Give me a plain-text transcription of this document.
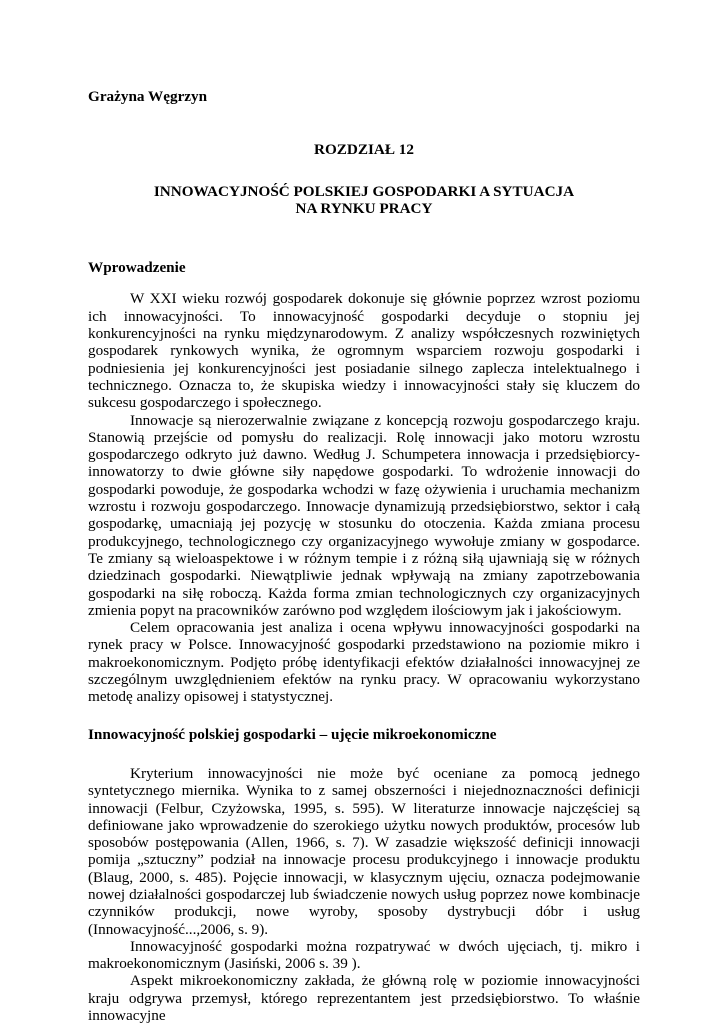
Grażyna Węgrzyn

ROZDZIAŁ 12

INNOWACYJNOŚĆ POLSKIEJ GOSPODARKI A SYTUACJA
NA RYNKU PRACY
Wprowadzenie

W XXI wieku rozwój gospodarek dokonuje się głównie poprzez wzrost poziomu ich innowacyjności. To innowacyjność gospodarki decyduje o stopniu jej konkurencyjności na rynku międzynarodowym. Z analizy współczesnych rozwiniętych gospodarek rynkowych wynika, że ogromnym wsparciem rozwoju gospodarki i podniesienia jej konkurencyjności jest posiadanie silnego zaplecza intelektualnego i technicznego. Oznacza to, że skupiska wiedzy i innowacyjności stały się kluczem do sukcesu gospodarczego i społecznego.

Innowacje są nierozerwalnie związane z koncepcją rozwoju gospodarczego kraju. Stanowią przejście od pomysłu do realizacji. Rolę innowacji jako motoru wzrostu gospodarczego odkryto już dawno. Według J. Schumpetera innowacja i przedsiębiorcy-innowatorzy to dwie główne siły napędowe gospodarki. To wdrożenie innowacji do gospodarki powoduje, że gospodarka wchodzi w fazę ożywienia i uruchamia mechanizm wzrostu i rozwoju gospodarczego. Innowacje dynamizują przedsiębiorstwo, sektor i całą gospodarkę, umacniają jej pozycję w stosunku do otoczenia. Każda zmiana procesu produkcyjnego, technologicznego czy organizacyjnego wywołuje zmiany w gospodarce. Te zmiany są wieloaspektowe i w różnym tempie i z różną siłą ujawniają się w różnych dziedzinach gospodarki. Niewątpliwie jednak wpływają na zmiany zapotrzebowania gospodarki na siłę roboczą. Każda forma zmian technologicznych czy organizacyjnych zmienia popyt na pracowników zarówno pod względem ilościowym jak i jakościowym.

Celem opracowania jest analiza i ocena wpływu innowacyjności gospodarki na rynek pracy w Polsce. Innowacyjność gospodarki przedstawiono na poziomie mikro i makroekonomicznym. Podjęto próbę identyfikacji efektów działalności innowacyjnej ze szczególnym uwzględnieniem efektów na rynku pracy. W opracowaniu wykorzystano metodę analizy opisowej i statystycznej.

Innowacyjność polskiej gospodarki – ujęcie mikroekonomiczne

Kryterium innowacyjności nie może być oceniane za pomocą jednego syntetycznego miernika. Wynika to z samej obszerności i niejednoznaczności definicji innowacji (Felbur, Czyżowska, 1995, s. 595). W literaturze innowacje najczęściej są definiowane jako wprowadzenie do szerokiego użytku nowych produktów, procesów lub sposobów postępowania (Allen, 1966, s. 7). W zasadzie większość definicji innowacji pomija „sztuczny” podział na innowacje procesu produkcyjnego i innowacje produktu (Blaug, 2000, s. 485). Pojęcie innowacji, w klasycznym ujęciu, oznacza podejmowanie nowej działalności gospodarczej lub świadczenie nowych usług poprzez nowe kombinacje czynników produkcji, nowe wyroby, sposoby dystrybucji dóbr i usług (Innowacyjność...,2006, s. 9).

Innowacyjność gospodarki można rozpatrywać w dwóch ujęciach, tj. mikro i makroekonomicznym (Jasiński, 2006 s. 39 ).

Aspekt mikroekonomiczny zakłada, że główną rolę w poziomie innowacyjności kraju odgrywa przemysł, którego reprezentantem jest przedsiębiorstwo. To właśnie innowacyjne
